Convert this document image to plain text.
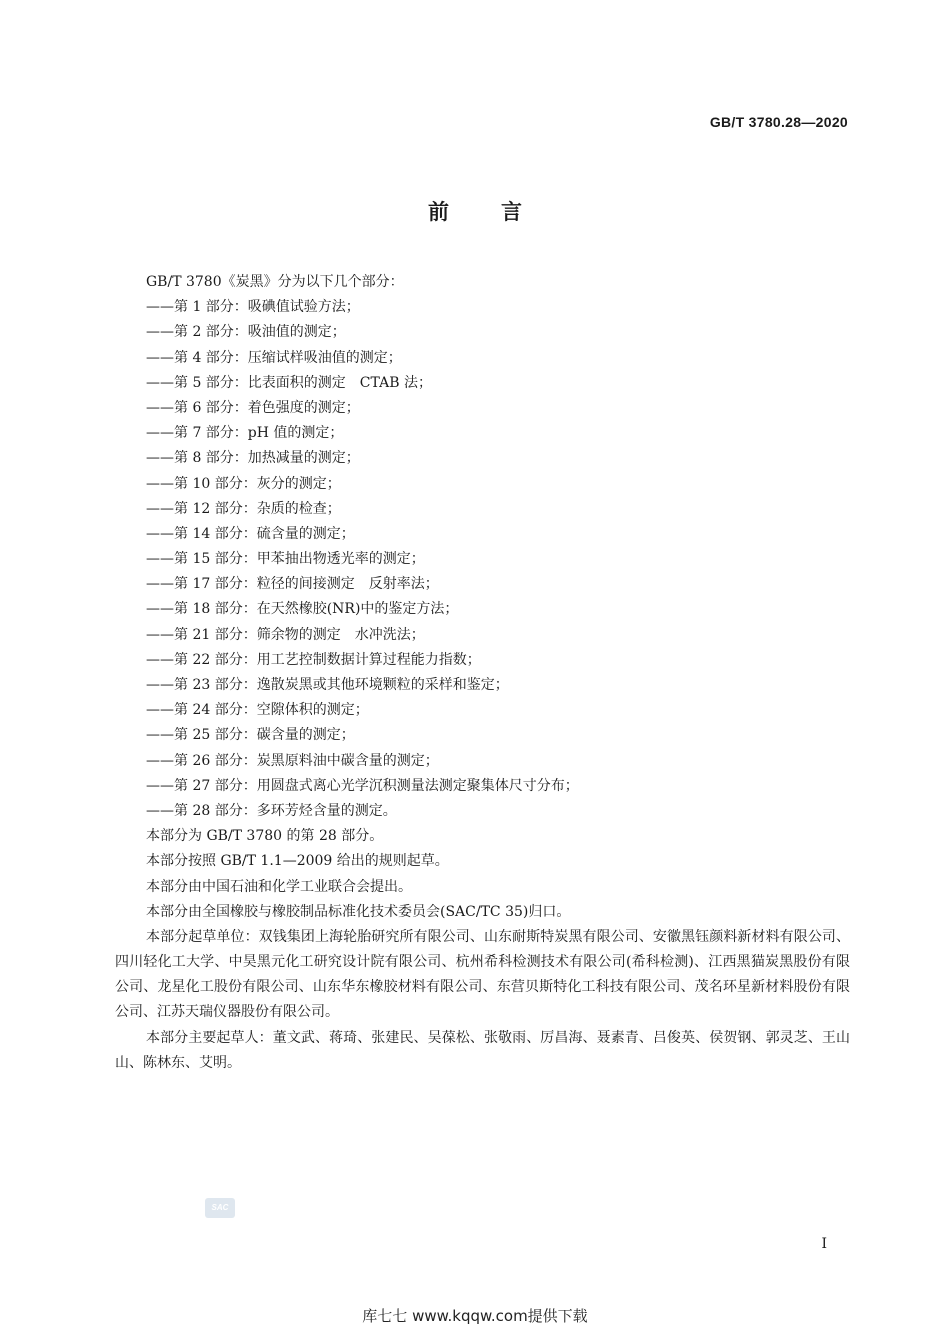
GB/T 3780.28—2020
前 言
GB/T 3780《炭黑》分为以下几个部分：
——第 1 部分：吸碘值试验方法；
——第 2 部分：吸油值的测定；
——第 4 部分：压缩试样吸油值的测定；
——第 5 部分：比表面积的测定　CTAB 法；
——第 6 部分：着色强度的测定；
——第 7 部分：pH 值的测定；
——第 8 部分：加热减量的测定；
——第 10 部分：灰分的测定；
——第 12 部分：杂质的检查；
——第 14 部分：硫含量的测定；
——第 15 部分：甲苯抽出物透光率的测定；
——第 17 部分：粒径的间接测定　反射率法；
——第 18 部分：在天然橡胶(NR)中的鉴定方法；
——第 21 部分：筛余物的测定　水冲洗法；
——第 22 部分：用工艺控制数据计算过程能力指数；
——第 23 部分：逸散炭黑或其他环境颗粒的采样和鉴定；
——第 24 部分：空隙体积的测定；
——第 25 部分：碳含量的测定；
——第 26 部分：炭黑原料油中碳含量的测定；
——第 27 部分：用圆盘式离心光学沉积测量法测定聚集体尺寸分布；
——第 28 部分：多环芳烃含量的测定。
本部分为 GB/T 3780 的第 28 部分。
本部分按照 GB/T 1.1—2009 给出的规则起草。
本部分由中国石油和化学工业联合会提出。
本部分由全国橡胶与橡胶制品标准化技术委员会(SAC/TC 35)归口。

本部分起草单位：双钱集团上海轮胎研究所有限公司、山东耐斯特炭黑有限公司、安徽黑钰颜料新材料有限公司、四川轻化工大学、中昊黑元化工研究设计院有限公司、杭州希科检测技术有限公司(希科检测)、江西黑猫炭黑股份有限公司、龙星化工股份有限公司、山东华东橡胶材料有限公司、东营贝斯特化工科技有限公司、茂名环星新材料股份有限公司、江苏天瑞仪器股份有限公司。

本部分主要起草人：董文武、蒋琦、张建民、吴葆松、张敬雨、厉昌海、聂素青、吕俊英、侯贺钢、郭灵芝、王山山、陈林东、艾明。

SAC
I
库七七 www.kqqw.com提供下载
